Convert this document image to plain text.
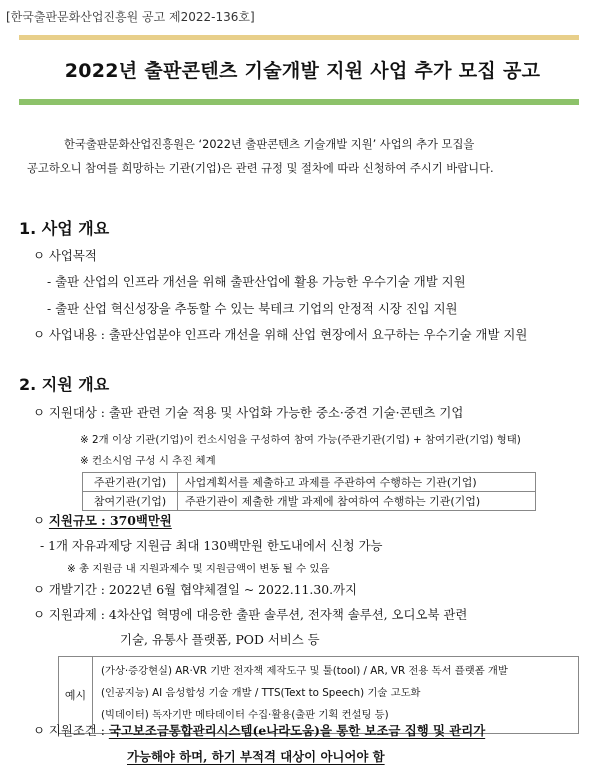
[한국출판문화산업진흥원 공고 제2022-136호]
2022년 출판콘텐츠 기술개발 지원 사업 추가 모집 공고
한국출판문화산업진흥원은 ‘2022년 출판콘텐츠 기술개발 지원’ 사업의 추가 모집을
공고하오니 참여를 희망하는 기관(기업)은 관련 규정 및 절차에 따라 신청하여 주시기 바랍니다.
1. 사업 개요
ㅇ 사업목적
- 출판 산업의 인프라 개선을 위해 출판산업에 활용 가능한 우수기술 개발 지원
- 출판 산업 혁신성장을 추동할 수 있는 북테크 기업의 안정적 시장 진입 지원
ㅇ 사업내용 : 출판산업분야 인프라 개선을 위해 산업 현장에서 요구하는 우수기술 개발 지원
2. 지원 개요
ㅇ 지원대상 : 출판 관련 기술 적용 및 사업화 가능한 중소·중견 기술·콘텐츠 기업
※ 2개 이상 기관(기업)이 컨소시엄을 구성하여 참여 가능(주관기관(기업) + 참여기관(기업) 형태)
※ 컨소시엄 구성 시 추진 체계
주관기관(기업)	사업계획서를 제출하고 과제를 주관하여 수행하는 기관(기업)
참여기관(기업)	주관기관이 제출한 개발 과제에 참여하여 수행하는 기관(기업)
ㅇ 지원규모 : 370백만원
- 1개 자유과제당 지원금 최대 130백만원 한도내에서 신청 가능
※ 총 지원금 내 지원과제수 및 지원금액이 변동 될 수 있음
ㅇ 개발기간 : 2022년 6월 협약체결일 ~ 2022.11.30.까지
ㅇ 지원과제 : 4차산업 혁명에 대응한 출판 솔루션, 전자책 솔루션, 오디오북 관련
기술, 유통사 플랫폼, POD 서비스 등
예시
(가상·증강현실) AR·VR 기반 전자책 제작도구 및 툴(tool) / AR, VR 전용 독서 플랫폼 개발
(인공지능) AI 음성합성 기술 개발 / TTS(Text to Speech) 기술 고도화
(빅데이터) 독자기반 메타데이터 수집·활용(출판 기획 컨설팅 등)
ㅇ 지원조건 : 국고보조금통합관리시스템(e나라도움)을 통한 보조금 집행 및 관리가
가능해야 하며, 하기 부적격 대상이 아니어야 함
